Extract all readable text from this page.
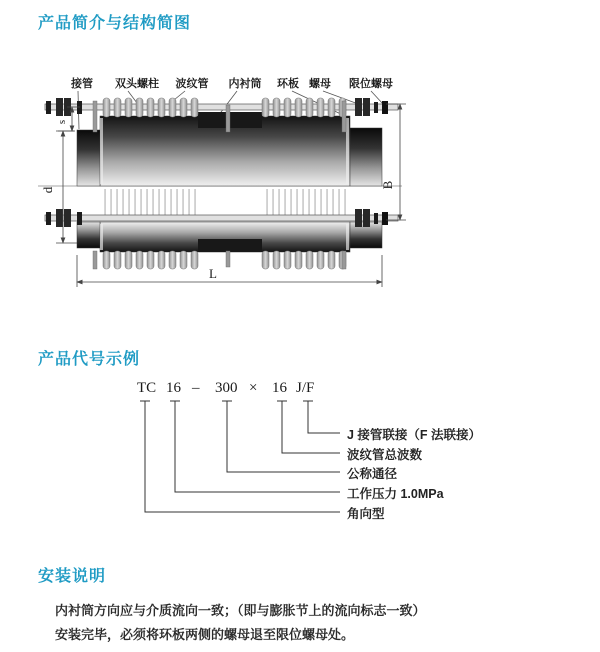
产品简介与结构简图
接管 双头螺柱 波纹管 内衬筒 环板 螺母 限位螺母
s
d
B
L
产品代号示例
TC 16 – 300 × 16 J/F
J 接管联接（F 法联接）
波纹管总波数
公称通径
工作压力 1.0MPa
角向型
安装说明

内衬筒方向应与介质流向一致；（即与膨胀节上的流向标志一致）

安装完毕，必须将环板两侧的螺母退至限位螺母处。
